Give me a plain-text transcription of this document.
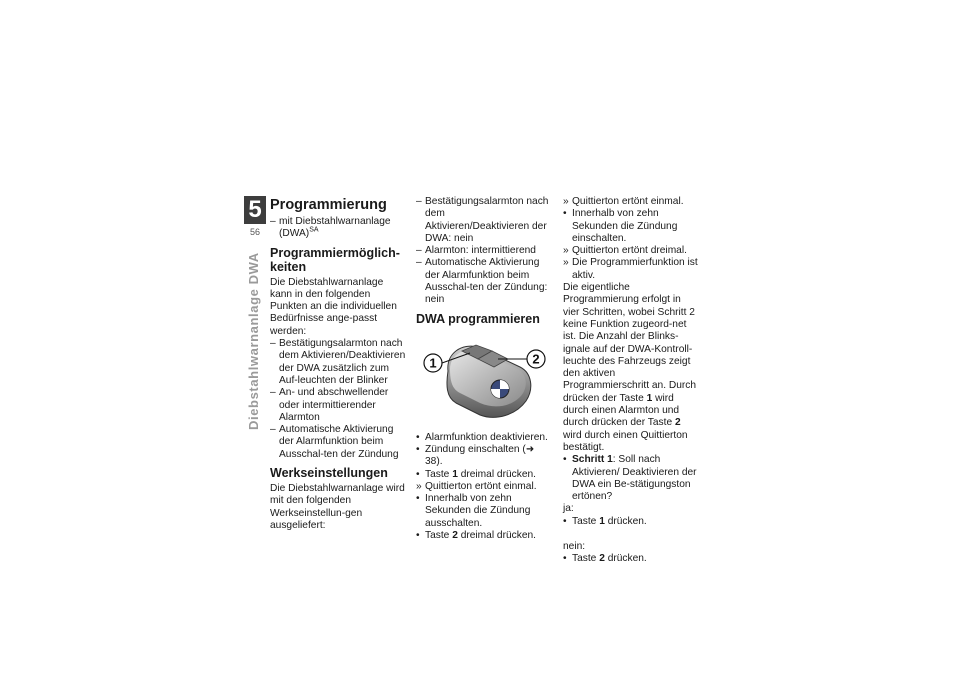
5
56
Diebstahlwarnanlage DWA
Programmierung
– mit Diebstahlwarnanlage (DWA)$^{SA}$
Programmiermöglich-keiten

Die Diebstahlwarnanlage kann in den folgenden Punkten an die individuellen Bedürfnisse ange-passt werden:

– Bestätigungsalarmton nach dem Aktivieren/Deaktivieren der DWA zusätzlich zum Auf-leuchten der Blinker
– An- und abschwellender oder intermittierender Alarmton
– Automatische Aktivierung der Alarmfunktion beim Ausschal-ten der Zündung
Werkseinstellungen

Die Diebstahlwarnanlage wird mit den folgenden Werkseinstellun-gen ausgeliefert:

– Bestätigungsalarmton nach dem Aktivieren/Deaktivieren der DWA: nein
– Alarmton: intermittierend
– Automatische Aktivierung der Alarmfunktion beim Ausschal-ten der Zündung: nein
DWA programmieren
1	2
• Alarmfunktion deaktivieren.
• Zündung einschalten (➜ 38).
• Taste 1 dreimal drücken.
» Quittierton ertönt einmal.
• Innerhalb von zehn Sekunden die Zündung ausschalten.
• Taste 2 dreimal drücken.
» Quittierton ertönt einmal.
• Innerhalb von zehn Sekunden die Zündung einschalten.
» Quittierton ertönt dreimal.
» Die Programmierfunktion ist aktiv.

Die eigentliche Programmierung erfolgt in vier Schritten, wobei Schritt 2 keine Funktion zugeord-net ist. Die Anzahl der Blinks-ignale auf der DWA-Kontroll-leuchte des Fahrzeugs zeigt den aktiven Programmierschritt an. Durch drücken der Taste 1 wird durch einen Alarmton und durch drücken der Taste 2 wird durch einen Quittierton bestätigt.

• Schritt 1: Soll nach Aktivieren/ Deaktivieren der DWA ein Be-stätigungston ertönen?

ja:

• Taste 1 drücken.

nein:

• Taste 2 drücken.
